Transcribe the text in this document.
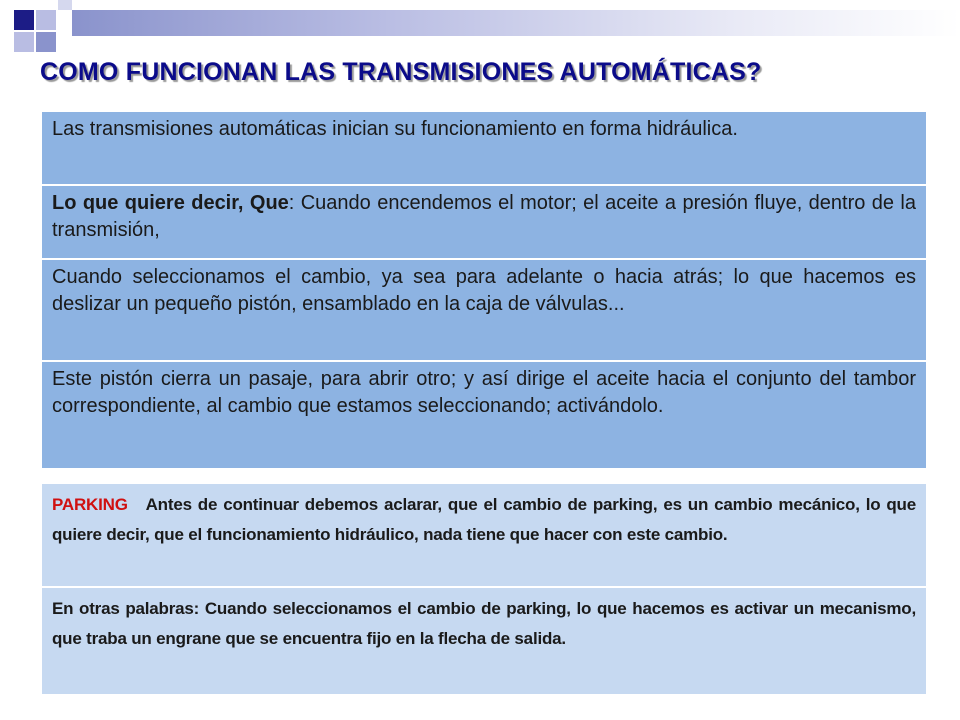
COMO FUNCIONAN LAS TRANSMISIONES AUTOMÁTICAS?
Las transmisiones automáticas inician su funcionamiento en forma hidráulica.
Lo que quiere decir, Que: Cuando encendemos el motor; el aceite a presión fluye, dentro de la transmisión,
Cuando seleccionamos el cambio, ya sea para adelante o hacia atrás; lo que hacemos es deslizar un pequeño pistón, ensamblado en la caja de válvulas...
Este pistón cierra un pasaje, para abrir otro; y así dirige el aceite hacia el conjunto del tambor correspondiente, al cambio que estamos seleccionando; activándolo.
PARKING Antes de continuar debemos aclarar, que el cambio de parking, es un cambio mecánico, lo que quiere decir, que el funcionamiento hidráulico, nada tiene que hacer con este cambio.
En otras palabras: Cuando seleccionamos el cambio de parking, lo que hacemos es activar un mecanismo, que traba un engrane que se encuentra fijo en la flecha de salida.
